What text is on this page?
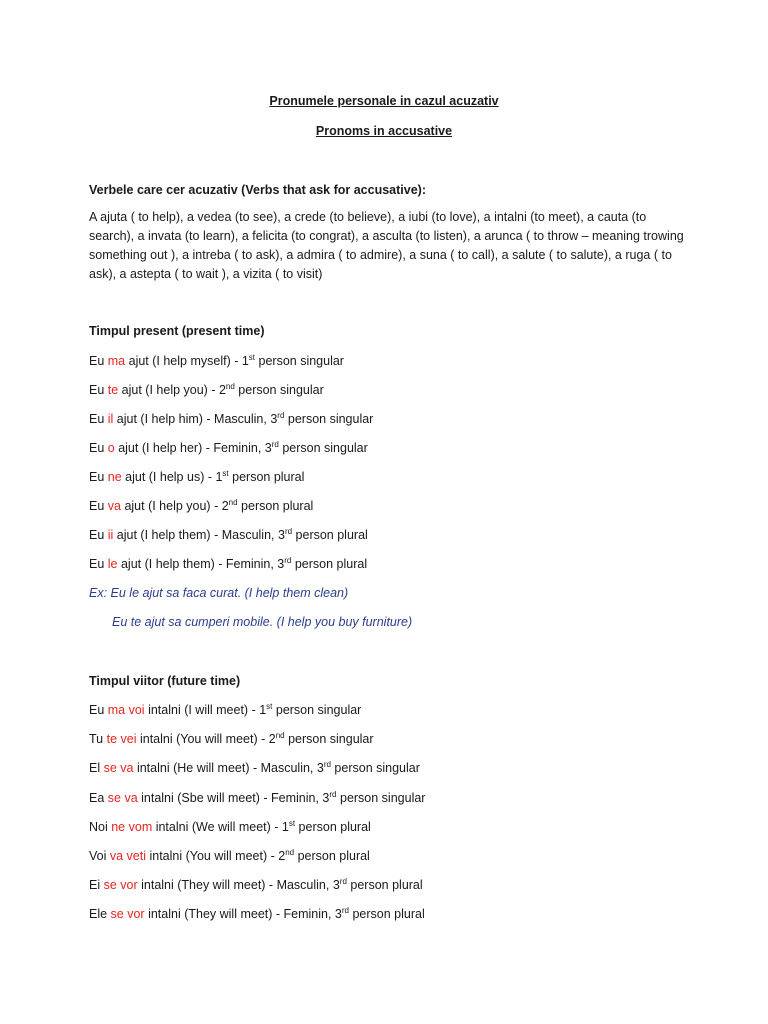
Pronumele personale in cazul acuzativ
Pronoms in accusative
Verbele care cer acuzativ (Verbs that ask for accusative):
A ajuta ( to help), a vedea (to see), a crede (to believe), a iubi (to love), a intalni (to meet), a cauta (to search), a invata (to learn), a felicita (to congrat), a asculta (to listen), a arunca ( to throw – meaning trowing something out ), a intreba ( to ask), a admira ( to admire), a suna ( to call), a salute ( to salute), a ruga ( to ask), a astepta ( to wait ), a vizita ( to visit)
Timpul present (present time)
Eu ma ajut (I help myself) - 1st person singular
Eu te ajut (I help you) - 2nd person singular
Eu il ajut (I help him) - Masculin, 3rd person singular
Eu o ajut (I help her) - Feminin, 3rd person singular
Eu ne ajut (I help us) - 1st person plural
Eu va ajut (I help you) - 2nd person plural
Eu ii ajut (I help them) - Masculin, 3rd person plural
Eu le ajut (I help them) - Feminin, 3rd person plural
Ex: Eu le ajut sa faca curat. (I help them clean)
Eu te ajut sa cumperi mobile. (I help you buy furniture)
Timpul viitor (future time)
Eu ma voi intalni (I will meet) - 1st person singular
Tu te vei intalni (You will meet) - 2nd person singular
El se va intalni (He will meet) - Masculin, 3rd person singular
Ea se va intalni (Sbe will meet) - Feminin, 3rd person singular
Noi ne vom intalni (We will meet) - 1st person plural
Voi va veti intalni (You will meet) - 2nd person plural
Ei se vor intalni (They will meet) - Masculin, 3rd person plural
Ele se vor intalni (They will meet) - Feminin, 3rd person plural
